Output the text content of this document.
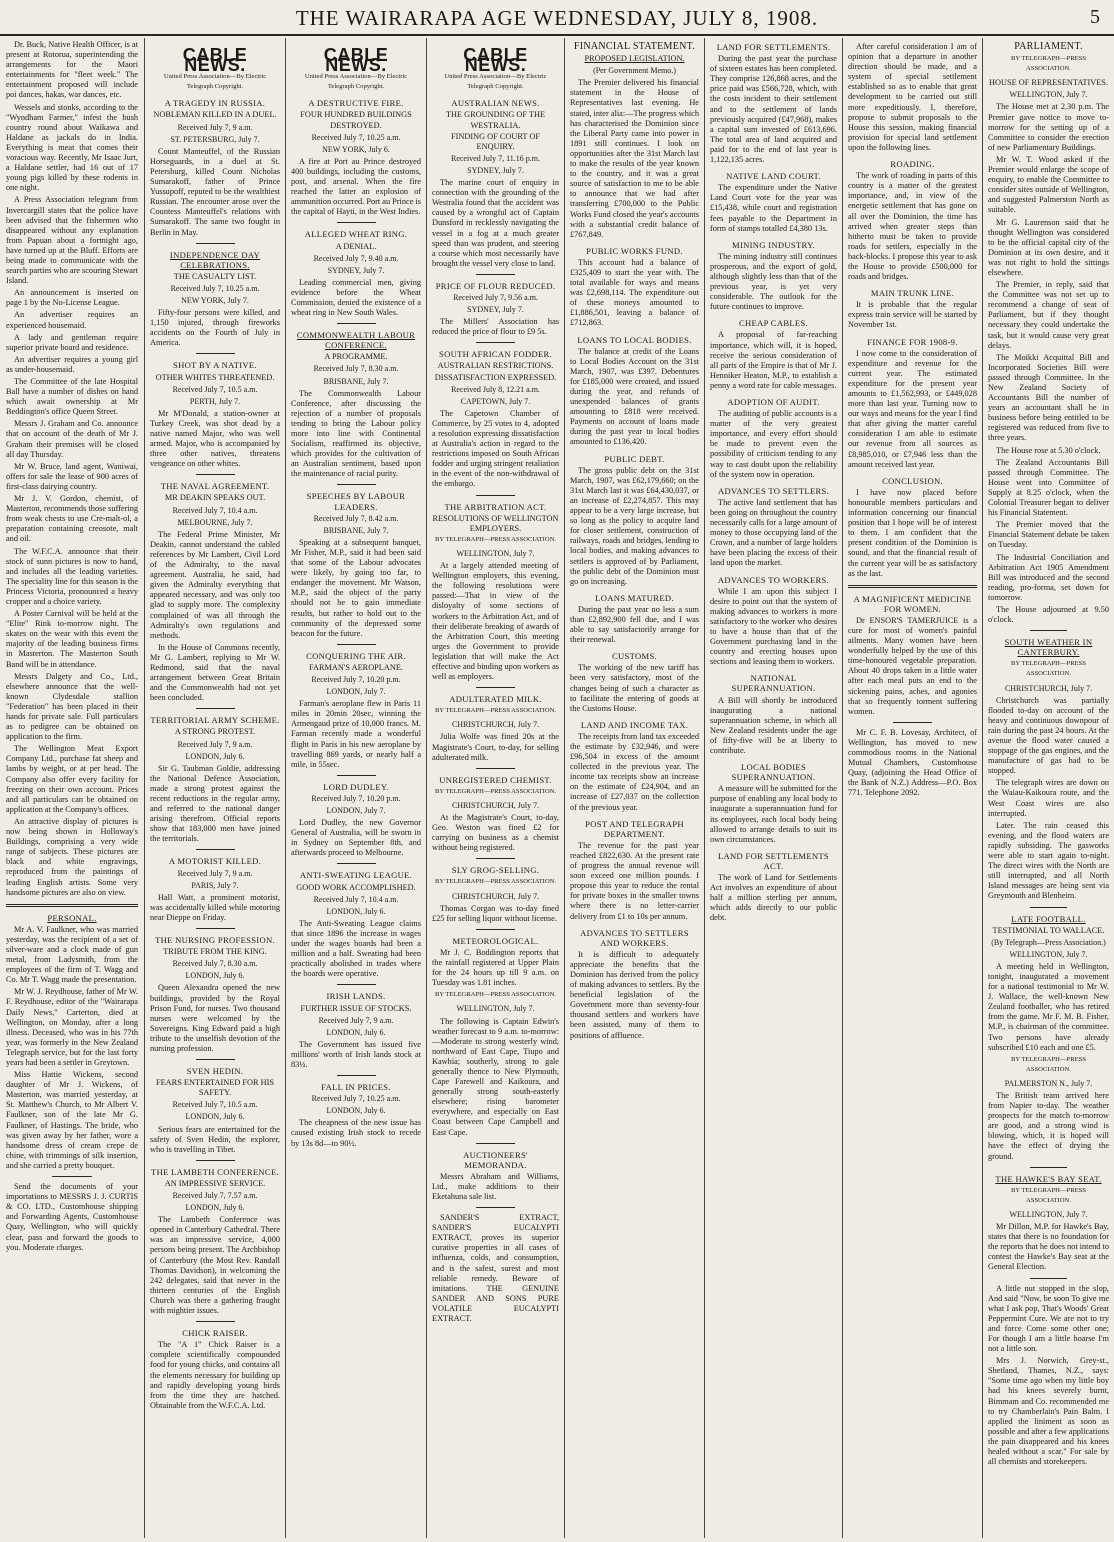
THE WAIRARAPA AGE WEDNESDAY, JULY 8, 1908.	5

Dr. Buck, Native Health Officer, is at present at Rotorua, superintending the arrangements for the Maori entertainments for "fleet week." The entertainment proposed will include poi dances, hakas, war dances, etc.

Wessels and stonks, according to the "Wyndham Farmer," infest the bush country round about Waikawa and Haldane as jackals do in India. Everything is meat that comes their voracious way. Recently, Mr Isaac Jurt, a Haldane settler, had 16 out of 17 young pigs killed by these rodents in one night.

A Press Association telegram from Invercargill states that the police have been advised that the fishermen who disappeared without any explanation from Papuan about a fortnight ago, have turned up at the Bluff. Efforts are being made to communicate with the search parties who are scouring Stewart Island.

An announcement is inserted on page 1 by the No-License League.

An advertiser requires an experienced housemaid.

A lady and gentleman require superior private board and residence.

An advertiser requires a young girl as under-housemaid.

The Committee of the late Hospital Ball have a number of dishes on hand which await ownership at Mr Beddington's office Queen Street.

Messrs J. Graham and Co. announce that on account of the death of Mr J. Graham their premises will be closed all day Thursday.

Mr W. Bruce, land agent, Waniwai, offers for sale the lease of 900 acres of first-class dairying country.

Mr J. V. Gordon, chemist, of Masterton, recommends those suffering from weak chests to use Cre-malt-ol, a preparation containing creosote, malt and oil.

The W.F.C.A. announce that their stock of sunn pictures is now to hand, and includes all the leading varieties. The speciality line for this season is the Princess Victoria, pronounced a heavy cropper and a choice variety.

A Poster Carnival will be held at the "Elite" Rink to-morrow night. The skates on the wear with this event the majority of the leading business firms in Masterton. The Masterton South Band will be in attendance.

Messrs Dalgety and Co., Ltd., elsewhere announce that the well-known Clydesdale stallion "Federation" has been placed in their hands for private sale. Full particulars as to pedigree can be obtained on application to the firm.

The Wellington Meat Export Company Ltd., purchase fat sheep and lambs by weight, or at per head. The Company also offer every facility for freezing on their own account. Prices and all particulars can be obtained on application at the Company's offices.

An attractive display of pictures is now being shown in Holloway's Buildings, comprising a very wide range of subjects. These pictures are black and white engravings, reproduced from the paintings of leading English artists. Some very handsome pictures are also on view.

PERSONAL.

Mr A. V. Faulkner, who was married yesterday, was the recipient of a set of silver-ware and a clock made of gun metal, from Ladysmith, from the employees of the firm of T. Wagg and Co. Mr T. Wagg made the presentation.

Mr W. J. Reydhouse, father of Mr W. F. Reydhouse, editor of the "Wairarapa Daily News," Carterton, died at Wellington, on Monday, after a long illness. Deceased, who was in his 77th year, was formerly in the New Zealand Telegraph service, but for the last forty years had been a settler in Greytown.

Miss Hattie Wickens, second daughter of Mr J. Wickens, of Masterton, was married yesterday, at St. Matthew's Church, to Mr Albert V. Faulkner, son of the late Mr G. Faulkner, of Hastings. The bride, who was given away by her father, wore a handsome dress of cream crepe de chine, with trimmings of silk insertion, and she carried a pretty bouquet.

Send the documents of your importations to MESSRS J. J. CURTIS & CO. LTD., Customhouse shipping and Forwarding Agents, Customhouse Quay, Wellington, who will quickly clear, pass and forward the goods to you. Moderate charges.

CABLE NEWS.
United Press Association—By Electric Telegraph Copyright.
A TRAGEDY IN RUSSIA.
NOBLEMAN KILLED IN A DUEL.
Received July 7, 9 a.m.
ST. PETERSBURG, July 7.

Count Manteuffel, of the Russian Horseguards, in a duel at St. Petersburg, killed Count Nicholas Sumarakoff, father of Prince Yussupoff, reputed to be the wealthiest Russian. The encounter arose over the Countess Manteuffel's relations with Sumarakoff. The same two fought in Berlin in May.

INDEPENDENCE DAY CELEBRATIONS.
THE CASUALTY LIST.
Received July 7, 10.25 a.m.
NEW YORK, July 7.

Fifty-four persons were killed, and 1,150 injured, through fireworks accidents on the Fourth of July in America.

SHOT BY A NATIVE.
OTHER WHITES THREATENED.
Received July 7, 10.5 a.m.
PERTH, July 7.

Mr M'Donald, a station-owner at Turkey Creek, was shot dead by a native named Major, who was well armed. Major, who is accompanied by three other natives, threatens vengeance on other whites.

THE NAVAL AGREEMENT.
MR DEAKIN SPEAKS OUT.
Received July 7, 10.4 a.m.
MELBOURNE, July 7.

The Federal Prime Minister, Mr Deakin, cannot understand the cabled references by Mr Lambert, Civil Lord of the Admiralty, to the naval agreement. Australia, he said, had given the Admiralty everything that appeared necessary, and was only too glad to supply more. The complexity complained of was all through the Admiralty's own regulations and methods.

In the House of Commons recently, Mr G. Lambert, replying to Mr W. Redmond, said that the naval arrangement between Great Britain and the Commonwealth had not yet been concluded.

TERRITORIAL ARMY SCHEME.
A STRONG PROTEST.
Received July 7, 9 a.m.
LONDON, July 6.

Sir G. Taubman Goldie, addressing the National Defence Association, made a strong protest against the recent reductions in the regular army, and referred to the national danger arising therefrom. Official reports show that 183,000 men have joined the territorials.

A MOTORIST KILLED.
Received July 7, 9 a.m.
PARIS, July 7.

Hall Watt, a prominent motorist, was accidentally killed while motoring near Dieppe on Friday.

THE NURSING PROFESSION.
TRIBUTE FROM THE KING.
Received July 7, 8.30 a.m.
LONDON, July 6.

Queen Alexandra opened the new buildings, provided by the Royal Prison Fund, for nurses. Two thousand nurses were welcomed by the Sovereigns. King Edward paid a high tribute to the unselfish devotion of the nursing profession.

SVEN HEDIN.
FEARS ENTERTAINED FOR HIS SAFETY.
Received July 7, 10.5 a.m.
LONDON, July 6.

Serious fears are entertained for the safety of Sven Hedin, the explorer, who is travelling in Tibet.

THE LAMBETH CONFERENCE.
AN IMPRESSIVE SERVICE.
Received July 7, 7.57 a.m.
LONDON, July 6.

The Lambeth Conference was opened in Canterbury Cathedral. There was an impressive service, 4,000 persons being present. The Archbishop of Canterbury (the Most Rev. Randall Thomas Davidson), in welcoming the 242 delegates, said that never in the thirteen centuries of the English Church was there a gathering fraught with mightier issues.

CHICK RAISER.

The "A 1" Chick Raiser is a complete scientifically compounded food for young chicks, and contains all the elements necessary for building up and rapidly developing young birds from the time they are hatched. Obtainable from the W.F.C.A. Ltd.

CABLE NEWS.
United Press Association—By Electric Telegraph Copyright.
A DESTRUCTIVE FIRE.
FOUR HUNDRED BUILDINGS DESTROYED.
Received July 7, 10.25 a.m.
NEW YORK, July 6.

A fire at Port au Prince destroyed 400 buildings, including the customs, post, and arsenal. When the fire reached the latter an explosion of ammunition occurred. Port au Prince is the capital of Hayti, in the West Indies.

ALLEGED WHEAT RING.
A DENIAL.
Received July 7, 9.40 a.m.
SYDNEY, July 7.

Leading commercial men, giving evidence before the Wheat Commission, denied the existence of a wheat ring in New South Wales.

COMMONWEALTH LABOUR CONFERENCE.
A PROGRAMME.
Received July 7, 8.30 a.m.
BRISBANE, July 7.

The Commonwealth Labour Conference, after discussing the rejection of a number of proposals tending to bring the Labour policy more into line with Continental Socialism, reaffirmed its objective, which provides for the cultivation of an Australian sentiment, based upon the maintenance of racial purity.

SPEECHES BY LABOUR LEADERS.
Received July 7, 8.42 a.m.
BRISBANE, July 7.

Speaking at a subsequent banquet, Mr Fisher, M.P., said it had been said that some of the Labour advocates were likely, by going too far, to endanger the movement. Mr Watson, M.P., said the object of the party should not be to gain immediate results, but rather to hold out to the community of the depressed some beacon for the future.

CONQUERING THE AIR.
FARMAN'S AEROPLANE.
Received July 7, 10.20 p.m.
LONDON, July 7.

Farman's aeroplane flew in Paris 11 miles in 20min 20sec, winning the Armengaud prize of 10,000 francs. M. Farman recently made a wonderful flight in Paris in his new aeroplane by travelling 869 yards, or nearly half a mile, in 55sec.

LORD DUDLEY.
Received July 7, 10.20 p.m.
LONDON, July 7.

Lord Dudley, the new Governor General of Australia, will be sworn in in Sydney on September 8th, and afterwards proceed to Melbourne.

ANTI-SWEATING LEAGUE.
GOOD WORK ACCOMPLISHED.
Received July 7, 10.4 a.m.
LONDON, July 6.

The Anti-Sweating League claims that since 1896 the increase in wages under the wages boards had been a million and a half. Sweating had been practically abolished in trades where the boards were operative.

IRISH LANDS.
FURTHER ISSUE OF STOCKS.
Received July 7, 9 a.m.
LONDON, July 6.

The Government has issued five millions' worth of Irish lands stock at 83½.

FALL IN PRICES.
Received July 7, 10.25 a.m.
LONDON, July 6.

The cheapness of the new issue has caused existing Irish stock to recede by 13s 8d—to 90½.

CABLE NEWS.
United Press Association—By Electric Telegraph Copyright.
AUSTRALIAN NEWS.
THE GROUNDING OF THE WESTRALIA.
FINDING OF COURT OF ENQUIRY.
Received July 7, 11.16 p.m.
SYDNEY, July 7.

The marine court of enquiry in connection with the grounding of the Westralia found that the accident was caused by a wrongful act of Captain Dunsford in recklessly navigating the vessel in a fog at a much greater speed than was prudent, and steering a course which most necessarily have brought the vessel very close to land.

PRICE OF FLOUR REDUCED.
Received July 7, 9.56 a.m.
SYDNEY, July 7.

The Millers' Association has reduced the price of flour to £9 5s.

SOUTH AFRICAN FODDER.
AUSTRALIAN RESTRICTIONS.
DISSATISFACTION EXPRESSED.
Received July 8, 12.21 a.m.
CAPETOWN, July 7.

The Capetown Chamber of Commerce, by 25 votes to 4, adopted a resolution expressing dissatisfaction at Australia's action in regard to the restrictions imposed on South African fodder and urging stringent retaliation in the event of the non-withdrawal of the embargo.

THE ARBITRATION ACT.
RESOLUTIONS OF WELLINGTON EMPLOYERS.
BY TELEGRAPH—PRESS ASSOCIATION.
WELLINGTON, July 7.

At a largely attended meeting of Wellington employers, this evening, the following resolutions were passed:—That in view of the disloyalty of some sections of workers to the Arbitration Act, and of their deliberate breaking of awards of the Arbitration Court, this meeting urges the Government to provide legislation that will make the Act effective and binding upon workers as well as employers.

ADULTERATED MILK.
BY TELEGRAPH—PRESS ASSOCIATION.
CHRISTCHURCH, July 7.

Julia Wolfe was fined 20s at the Magistrate's Court, to-day, for selling adulterated milk.

UNREGISTERED CHEMIST.
BY TELEGRAPH—PRESS ASSOCIATION.
CHRISTCHURCH, July 7.

At the Magistrate's Court, to-day, Geo. Weston was fined £2 for carrying on business as a chemist without being registered.

SLY GROG-SELLING.
BY TELEGRAPH—PRESS ASSOCIATION.
CHRISTCHURCH, July 7.

Thomas Corgan was to-day fined £25 for selling liquor without license.

METEOROLOGICAL.

Mr J. C. Boddington reports that the rainfall registered at Upper Plain for the 24 hours up till 9 a.m. on Tuesday was 1.81 inches.

BY TELEGRAPH—PRESS ASSOCIATION.
WELLINGTON, July 7.

The following is Captain Edwin's weather forecast to 9 a.m. to-morrow:—Moderate to strong westerly wind, northward of East Cape, Tiupo and Kawhia; southerly, strong to gale generally thence to New Plymouth, Cape Farewell and Kaikoura, and generally strong south-easterly elsewhere; rising barometer everywhere, and especially on East Coast between Cape Campbell and East Cape.

AUCTIONEERS' MEMORANDA.

Messrs Abraham and Williams, Ltd., make additions to their Eketahuna sale list.

SANDER'S EXTRACT, SANDER'S EUCALYPTI EXTRACT, proves its superior curative properties in all cases of influenza, colds, and consumption, and is the safest, surest and most reliable remedy. Beware of imitations. THE GENUINE SANDER AND SONS PURE VOLATILE EUCALYPTI EXTRACT.

FINANCIAL STATEMENT.
PROPOSED LEGISLATION.
(Per Government Memo.)

The Premier delivered his financial statement in the House of Representatives last evening. He stated, inter alia:—The progress which has characterised the Dominion since the Liberal Party came into power in 1891 still continues. I look on opportunities after the 31st March last to make the results of the year known to the country, and it was a great source of satisfaction to me to be able to announce that we had after transferring £700,000 to the Public Works Fund closed the year's accounts with a substantial credit balance of £767,849.

PUBLIC WORKS FUND.

This account had a balance of £325,409 to start the year with. The total available for ways and means was £2,698,114. The expenditure out of these moneys amounted to £1,886,501, leaving a balance of £712,863.

LOANS TO LOCAL BODIES.

The balance at credit of the Loans to Local Bodies Account on the 31st March, 1907, was £397. Debentures for £185,000 were created, and issued during the year, and refunds of unexpended balances of grants amounting to £818 were received. Payments on account of loans made during the past year to local bodies amounted to £136,420.

PUBLIC DEBT.

The gross public debt on the 31st March, 1907, was £62,179,660; on the 31st March last it was £64,430,037, or an increase of £2,274,857. This may appear to be a very large increase, but so long as the policy to acquire land for closer settlement, construction of railways, roads and bridges, lending to local bodies, and making advances to settlers is approved of by Parliament, the public debt of the Dominion must go on increasing.

LOANS MATURED.

During the past year no less a sum than £2,892,900 fell due, and I was able to say satisfactorily arrange for their renewal.

CUSTOMS.

The working of the new tariff has been very satisfactory, most of the changes being of such a character as to facilitate the entering of goods at the Customs House.

LAND AND INCOME TAX.

The receipts from land tax exceeded the estimate by £32,946, and were £96,504 in excess of the amount collected in the previous year. The income tax receipts show an increase on the estimate of £24,904, and an increase of £27,037 on the collection of the previous year.

POST AND TELEGRAPH DEPARTMENT.

The revenue for the past year reached £822,630. At the present rate of progress the annual revenue will soon exceed one million pounds. I propose this year to reduce the rental for private boxes in the smaller towns where there is no letter-carrier delivery from £1 to 10s per annum.

ADVANCES TO SETTLERS AND WORKERS.

It is difficult to adequately appreciate the benefits that the Dominion has derived from the policy of making advances to settlers. By the beneficial legislation of the Government more than seventy-four thousand settlers and workers have been assisted, many of them to positions of affluence.

LAND FOR SETTLEMENTS.

During the past year the purchase of sixteen estates has been completed. They comprise 126,868 acres, and the price paid was £566,728, which, with the costs incident to their settlement and to the settlement of lands previously acquired (£47,968), makes a capital sum invested of £613,696. The total area of land acquired and paid for to the end of last year is 1,122,135 acres.

NATIVE LAND COURT.

The expenditure under the Native Land Court vote for the year was £15,438, while court and registration fees payable to the Department in form of stamps totalled £4,380 13s.

MINING INDUSTRY.

The mining industry still continues prosperous, and the export of gold, although slightly less than that of the previous year, is yet very considerable. The outlook for the future continues to improve.

CHEAP CABLES.

A proposal of far-reaching importance, which will, it is hoped, receive the serious consideration of all parts of the Empire is that of Mr J. Henniker Heaton, M.P., to establish a penny a word rate for cable messages.

ADOPTION OF AUDIT.

The auditing of public accounts is a matter of the very greatest importance, and every effort should be made to prevent even the possibility of criticism tending to any way to cast doubt upon the reliability of the system now in operation.

ADVANCES TO SETTLERS.

The active land settlement that has been going on throughout the country necessarily calls for a large amount of money to those occupying land of the Crown, and a number of large holders have been placing the excess of their land upon the market.

ADVANCES TO WORKERS.

While I am upon this subject I desire to point out that the system of making advances to workers is more satisfactory to the worker who desires to have a house than that of the Government purchasing land in the country and erecting houses upon sections and leasing them to workers.

NATIONAL SUPERANNUATION.

A Bill will shortly be introduced inaugurating a national superannuation scheme, in which all New Zealand residents under the age of fifty-five will be at liberty to contribute.

LOCAL BODIES SUPERANNUATION.

A measure will be submitted for the purpose of enabling any local body to inaugurate a superannuation fund for its employees, each local body being allowed to arrange details to suit its own circumstances.

LAND FOR SETTLEMENTS ACT.

The work of Land for Settlements Act involves an expenditure of about half a million sterling per annum, which adds directly to our public debt.

After careful consideration I am of opinion that a departure in another direction should be made, and a system of special settlement established so as to enable that great development to be carried out still more expeditiously. I, therefore, propose to submit proposals to the House this session, making financial provision for special land settlement upon the following lines.

ROADING.

The work of roading in parts of this country is a matter of the greatest importance, and, in view of the energetic settlement that has gone on all over the Dominion, the time has arrived when greater steps than hitherto must be taken to provide roads for settlers, especially in the back-blocks. I propose this year to ask the House to provide £500,000 for roads and bridges.

MAIN TRUNK LINE.

It is probable that the regular express train service will be started by November 1st.

FINANCE FOR 1908-9.

I now come to the consideration of expenditure and revenue for the current year. The estimated expenditure for the present year amounts to £1,562,993, or £449,028 more than last year. Turning now to our ways and means for the year I find that after giving the matter careful consideration I am able to estimate our revenue from all sources as £8,985,010, or £7,946 less than the amount received last year.

CONCLUSION.

I have now placed before honourable members particulars and information concerning our financial position that I hope will be of interest to them. I am confident that the present condition of the Dominion is sound, and that the financial result of the current year will be as satisfactory as the last.

A MAGNIFICENT MEDICINE FOR WOMEN.

Dr ENSOR'S TAMERJUICE is a cure for most of women's painful ailments. Many women have been wonderfully helped by the use of this time-honoured vegetable preparation. About 40 drops taken in a little water after each meal puts an end to the sickening pains, aches, and agonies that so frequently torment suffering women.

Mr C. F. B. Lovesay, Architect, of Wellington, has moved to new commodious rooms in the National Mutual Chambers, Customhouse Quay, (adjoining the Head Office of the Bank of N.Z.) Address—P.O. Box 771. Telephone 2092.

PARLIAMENT.
BY TELEGRAPH—PRESS ASSOCIATION.
HOUSE OF REPRESENTATIVES.
WELLINGTON, July 7.

The House met at 2.30 p.m. The Premier gave notice to move to-morrow for the setting up of a Committee to consider the erection of new Parliamentary Buildings.

Mr W. T. Wood asked if the Premier would enlarge the scope of enquiry, to enable the Committee to consider sites outside of Wellington, and suggested Palmerston North as suitable.

Mr G. Laurenson said that he thought Wellington was considered to be the official capital city of the Dominion at its own desire, and it was not right to hold the sittings elsewhere.

The Premier, in reply, said that the Committee was not set up to recommend a change of seat of Parliament, but if they thought necessary they could undertake the task, but it would cause very great delays.

The Moikki Acquittal Bill and Incorporated Societies Bill were passed through Committee. In the New Zealand Society of Accountants Bill the number of years an accountant shall be in business before being entitled to be registered was reduced from five to three years.

The House rose at 5.30 o'clock.

The Zealand Accountants Bill passed through Committee. The House went into Committee of Supply at 8.25 o'clock, when the Colonial Treasurer began to deliver his Financial Statement.

The Premier moved that the Financial Statement debate be taken on Tuesday.

The Industrial Conciliation and Arbitration Act 1905 Amendment Bill was introduced and the second reading, pro-forma, set down for tomorrow.

The House adjourned at 9.50 o'clock.

SOUTH WEATHER IN CANTERBURY.
BY TELEGRAPH—PRESS ASSOCIATION.
CHRISTCHURCH, July 7.

Christchurch was partially flooded to-day on account of the heavy and continuous downpour of rain during the past 24 hours. At the avenue the flood water caused a stoppage of the gas engines, and the manufacture of gas had to be stopped.

The telegraph wires are down on the Waiau-Kaikoura route, and the West Coast wires are also interrupted.

Later. The rain ceased this evening, and the flood waters are rapidly subsiding. The gasworks were able to start again to-night. The direct wires with the North are still interrupted, and all North Island messages are being sent via Greymouth and Blenheim.

LATE FOOTBALL.
TESTIMONIAL TO WALLACE.
(By Telegraph—Press Association.)
WELLINGTON, July 7.

A meeting held in Wellington, tonight, inaugurated a movement for a national testimonial to Mr W. J. Wallace, the well-known New Zealand footballer, who has retired from the game. Mr F. M. B. Fisher, M.P., is chairman of the committee. Two persons have already subscribed £10 each and one £5.

BY TELEGRAPH—PRESS ASSOCIATION.
PALMERSTON N., July 7.

The British team arrived here from Napier to-day. The weather prospects for the match to-morrow are good, and a strong wind is blowing, which, it is hoped will have the effect of drying the ground.

THE HAWKE'S BAY SEAT.
BY TELEGRAPH—PRESS ASSOCIATION.
WELLINGTON, July 7.

Mr Dillon, M.P. for Hawke's Bay, states that there is no foundation for the reports that he does not intend to contest the Hawke's Bay seat at the General Election.

A little nut stopped in the slop, And said "Now, be soon To give me what I ask pop, That's Woods' Great Peppermint Cure. We are not to try and force Come some other one; For though I am a little hoarse I'm not a little son.

Mrs J. Norwich, Grey-st., Shetland, Thames, N.Z., says: "Some time ago when my little boy had his knees severely burnt, Bimmam and Co. recommended me to try Chamberlain's Pain Balm. I applied the liniment as soon as possible and after a few applications the pain disappeared and his knees healed without a scar." For sale by all chemists and storekeepers.
